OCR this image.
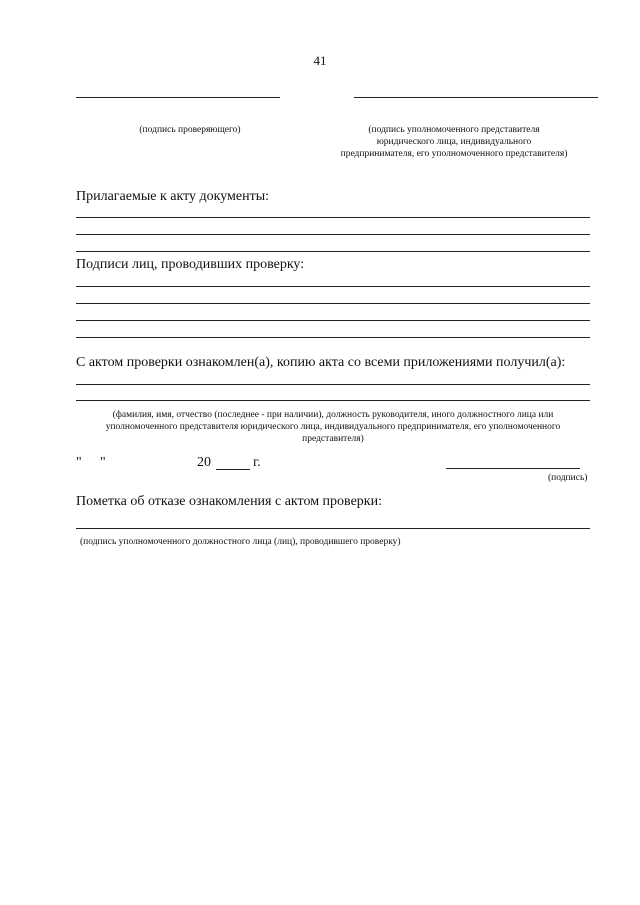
41
(подпись проверяющего)	(подпись уполномоченного представителя юридического лица, индивидуального предпринимателя, его уполномоченного представителя)
Прилагаемые к акту документы:
Подписи лиц, проводивших проверку:
С актом проверки ознакомлен(а), копию акта со всеми приложениями получил(а):
(фамилия, имя, отчество (последнее - при наличии), должность руководителя, иного должностного лица или уполномоченного представителя юридического лица, индивидуального предпринимателя, его уполномоченного представителя)
"	"	20	г.
(подпись)
Пометка об отказе ознакомления с актом проверки:
(подпись уполномоченного должностного лица (лиц), проводившего проверку)
